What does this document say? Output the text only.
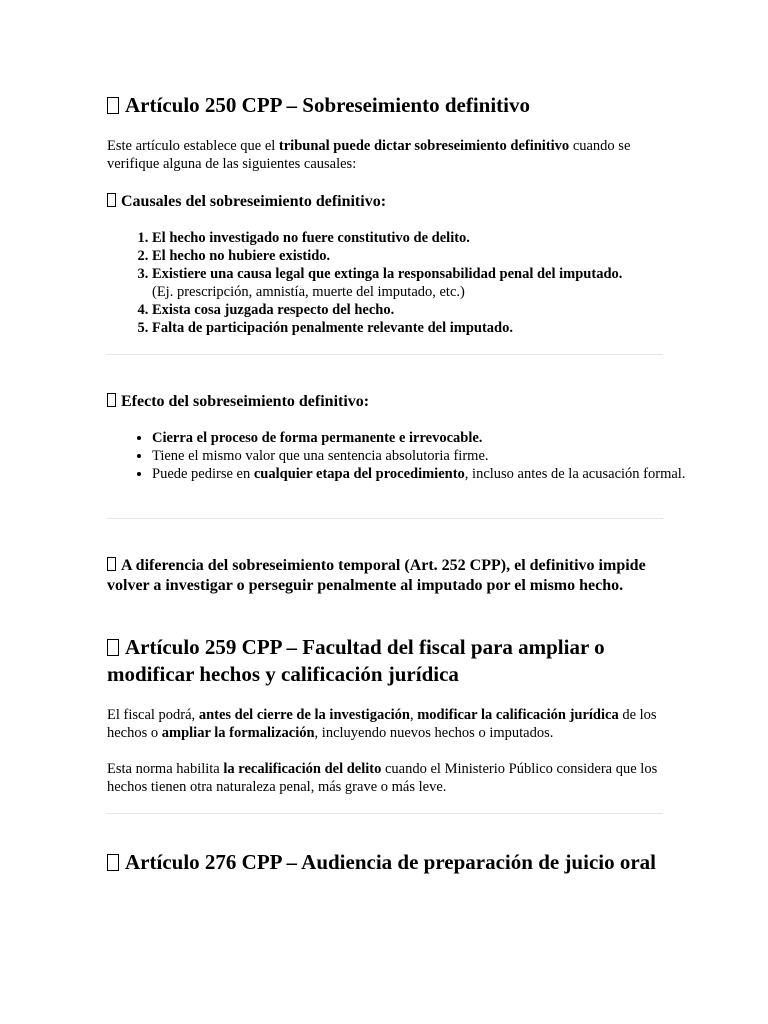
Artículo 250 CPP – Sobreseimiento definitivo

Este artículo establece que el tribunal puede dictar sobreseimiento definitivo cuando se verifique alguna de las siguientes causales:

Causales del sobreseimiento definitivo:
1. El hecho investigado no fuere constitutivo de delito.
2. El hecho no hubiere existido.
3. Existiere una causa legal que extinga la responsabilidad penal del imputado.
(Ej. prescripción, amnistía, muerte del imputado, etc.)
4. Exista cosa juzgada respecto del hecho.
5. Falta de participación penalmente relevante del imputado.
Efecto del sobreseimiento definitivo:
• Cierra el proceso de forma permanente e irrevocable.
• Tiene el mismo valor que una sentencia absolutoria firme.
• Puede pedirse en cualquier etapa del procedimiento, incluso antes de la acusación formal.
A diferencia del sobreseimiento temporal (Art. 252 CPP), el definitivo impide volver a investigar o perseguir penalmente al imputado por el mismo hecho.
Artículo 259 CPP – Facultad del fiscal para ampliar o modificar hechos y calificación jurídica

El fiscal podrá, antes del cierre de la investigación, modificar la calificación jurídica de los hechos o ampliar la formalización, incluyendo nuevos hechos o imputados.

Esta norma habilita la recalificación del delito cuando el Ministerio Público considera que los hechos tienen otra naturaleza penal, más grave o más leve.

Artículo 276 CPP – Audiencia de preparación de juicio oral
